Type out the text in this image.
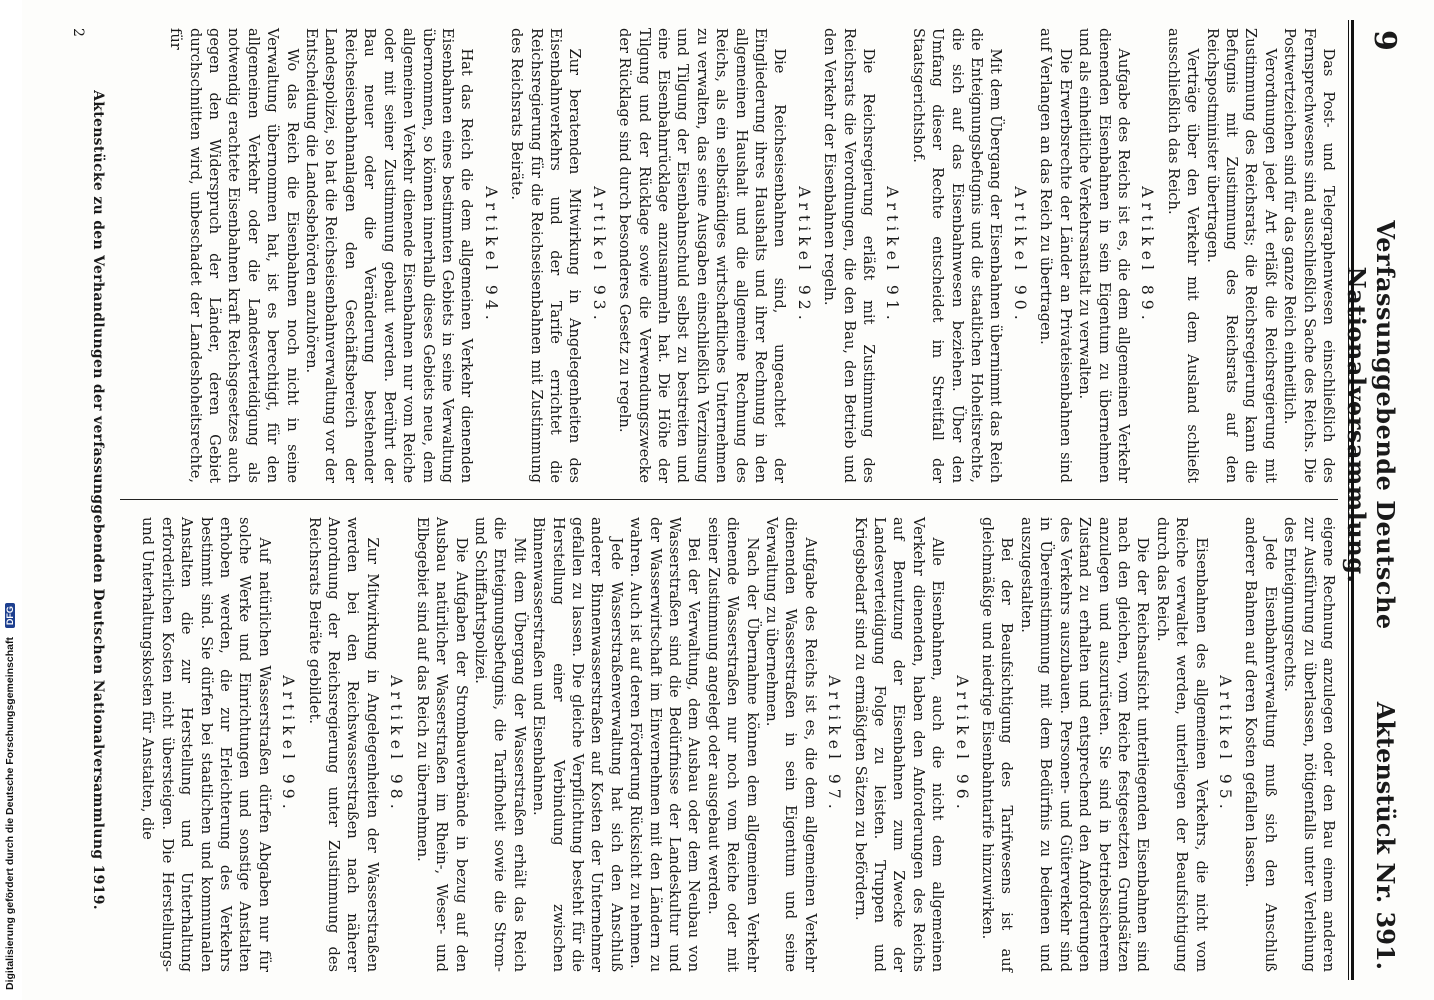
9
Verfassunggebende Deutsche Nationalversammlung.
Aktenstück Nr. 391.

Das Post- und Telegraphenwesen einschließlich des Fernsprechwesens sind ausschließlich Sache des Reichs. Die Postwertzeichen sind für das ganze Reich einheitlich.

Verordnungen jeder Art erläßt die Reichsregierung mit Zustimmung des Reichsrats; die Reichsregierung kann die Befugnis mit Zustimmung des Reichsrats auf den Reichspostminister übertragen.

Verträge über den Verkehr mit dem Ausland schließt ausschließlich das Reich.

Artikel 89.

Aufgabe des Reichs ist es, die dem allgemeinen Verkehr dienenden Eisenbahnen in sein Eigentum zu übernehmen und als einheitliche Verkehrsanstalt zu verwalten.

Die Erwerbsrechte der Länder an Privateisenbahnen sind auf Verlangen an das Reich zu übertragen.

Artikel 90.

Mit dem Übergang der Eisenbahnen übernimmt das Reich die Enteignungsbefugnis und die staatlichen Hoheitsrechte, die sich auf das Eisenbahnwesen beziehen. Über den Umfang dieser Rechte entscheidet im Streitfall der Staatsgerichtshof.

Artikel 91.

Die Reichsregierung erläßt mit Zustimmung des Reichsrats die Verordnungen, die den Bau, den Betrieb und den Verkehr der Eisenbahnen regeln.

Artikel 92.

Die Reichseisenbahnen sind, ungeachtet der Eingliederung ihres Haushalts und ihrer Rechnung in den allgemeinen Haushalt und die allgemeine Rechnung des Reichs, als ein selbständiges wirtschaftliches Unternehmen zu verwalten, das seine Ausgaben einschließlich Verzinsung und Tilgung der Eisenbahnschuld selbst zu bestreiten und eine Eisenbahnrücklage anzusammeln hat. Die Höhe der Tilgung und der Rücklage sowie die Verwendungszwecke der Rücklage sind durch besonderes Gesetz zu regeln.

Artikel 93.

Zur beratenden Mitwirkung in Angelegenheiten des Eisenbahnverkehrs und der Tarife errichtet die Reichsregierung für die Reichseisenbahnen mit Zustimmung des Reichsrats Beiräte.

Artikel 94.

Hat das Reich die dem allgemeinen Verkehr dienenden Eisenbahnen eines bestimmten Gebiets in seine Verwaltung übernommen, so können innerhalb dieses Gebiets neue, dem allgemeinen Verkehr dienende Eisenbahnen nur vom Reiche oder mit seiner Zustimmung gebaut werden. Berührt der Bau neuer oder die Veränderung bestehender Reichseisenbahnanlagen den Geschäftsbereich der Landespolizei, so hat die Reichseisenbahnverwaltung vor der Entscheidung die Landesbehörden anzuhören.

Wo das Reich die Eisenbahnen noch nicht in seine Verwaltung übernommen hat, ist es berechtigt, für den allgemeinen Verkehr oder die Landesverteidigung als notwendig erachtete Eisenbahnen kraft Reichsgesetzes auch gegen den Widerspruch der Länder, deren Gebiet durchschnitten wird, unbeschadet der Landeshoheitsrechte, für

eigene Rechnung anzulegen oder den Bau einem anderen zur Ausführung zu überlassen, nötigenfalls unter Verleihung des Enteignungsrechts.

Jede Eisenbahnverwaltung muß sich den Anschluß anderer Bahnen auf deren Kosten gefallen lassen.

Artikel 95.

Eisenbahnen des allgemeinen Verkehrs, die nicht vom Reiche verwaltet werden, unterliegen der Beaufsichtigung durch das Reich.

Die der Reichsaufsicht unterliegenden Eisenbahnen sind nach den gleichen, vom Reiche festgesetzten Grundsätzen anzulegen und auszurüsten. Sie sind in betriebssicherem Zustand zu erhalten und entsprechend den Anforderungen des Verkehrs auszubauen. Personen- und Güterverkehr sind in Übereinstimmung mit dem Bedürfnis zu bedienen und auszugestalten.

Bei der Beaufsichtigung des Tarifwesens ist auf gleichmäßige und niedrige Eisenbahntarife hinzuwirken.

Artikel 96.

Alle Eisenbahnen, auch die nicht dem allgemeinen Verkehr dienenden, haben den Anforderungen des Reichs auf Benutzung der Eisenbahnen zum Zwecke der Landesverteidigung Folge zu leisten. Truppen und Kriegsbedarf sind zu ermäßigten Sätzen zu befördern.

Artikel 97.

Aufgabe des Reichs ist es, die dem allgemeinen Verkehr dienenden Wasserstraßen in sein Eigentum und seine Verwaltung zu übernehmen.

Nach der Übernahme können dem allgemeinen Verkehr dienende Wasserstraßen nur noch vom Reiche oder mit seiner Zustimmung angelegt oder ausgebaut werden.

Bei der Verwaltung, dem Ausbau oder dem Neubau von Wasserstraßen sind die Bedürfnisse der Landeskultur und der Wasserwirtschaft im Einvernehmen mit den Ländern zu wahren. Auch ist auf deren Förderung Rücksicht zu nehmen.

Jede Wasserstraßenverwaltung hat sich den Anschluß anderer Binnenwasserstraßen auf Kosten der Unternehmer gefallen zu lassen. Die gleiche Verpflichtung besteht für die Herstellung einer Verbindung zwischen Binnenwasserstraßen und Eisenbahnen.

Mit dem Übergang der Wasserstraßen erhält das Reich die Enteignungsbefugnis, die Tarifhoheit sowie die Strom- und Schiffahrtspolizei.

Die Aufgaben der Strombauverbände in bezug auf den Ausbau natürlicher Wasserstraßen im Rhein-, Weser- und Elbegebiet sind auf das Reich zu übernehmen.

Artikel 98.

Zur Mitwirkung in Angelegenheiten der Wasserstraßen werden bei den Reichswasserstraßen nach näherer Anordnung der Reichsregierung unter Zustimmung des Reichsrats Beiräte gebildet.

Artikel 99.

Auf natürlichen Wasserstraßen dürfen Abgaben nur für solche Werke und Einrichtungen und sonstige Anstalten erhoben werden, die zur Erleichterung des Verkehrs bestimmt sind. Sie dürfen bei staatlichen und kommunalen Anstalten die zur Herstellung und Unterhaltung erforderlichen Kosten nicht übersteigen. Die Herstellungs- und Unterhaltungskosten für Anstalten, die

Aktenstücke zu den Verhandlungen der verfassunggebenden Deutschen Nationalversammlung 1919.
2
Digitalisierung gefördert durch die Deutsche Forschungsgemeinschaft DFG
